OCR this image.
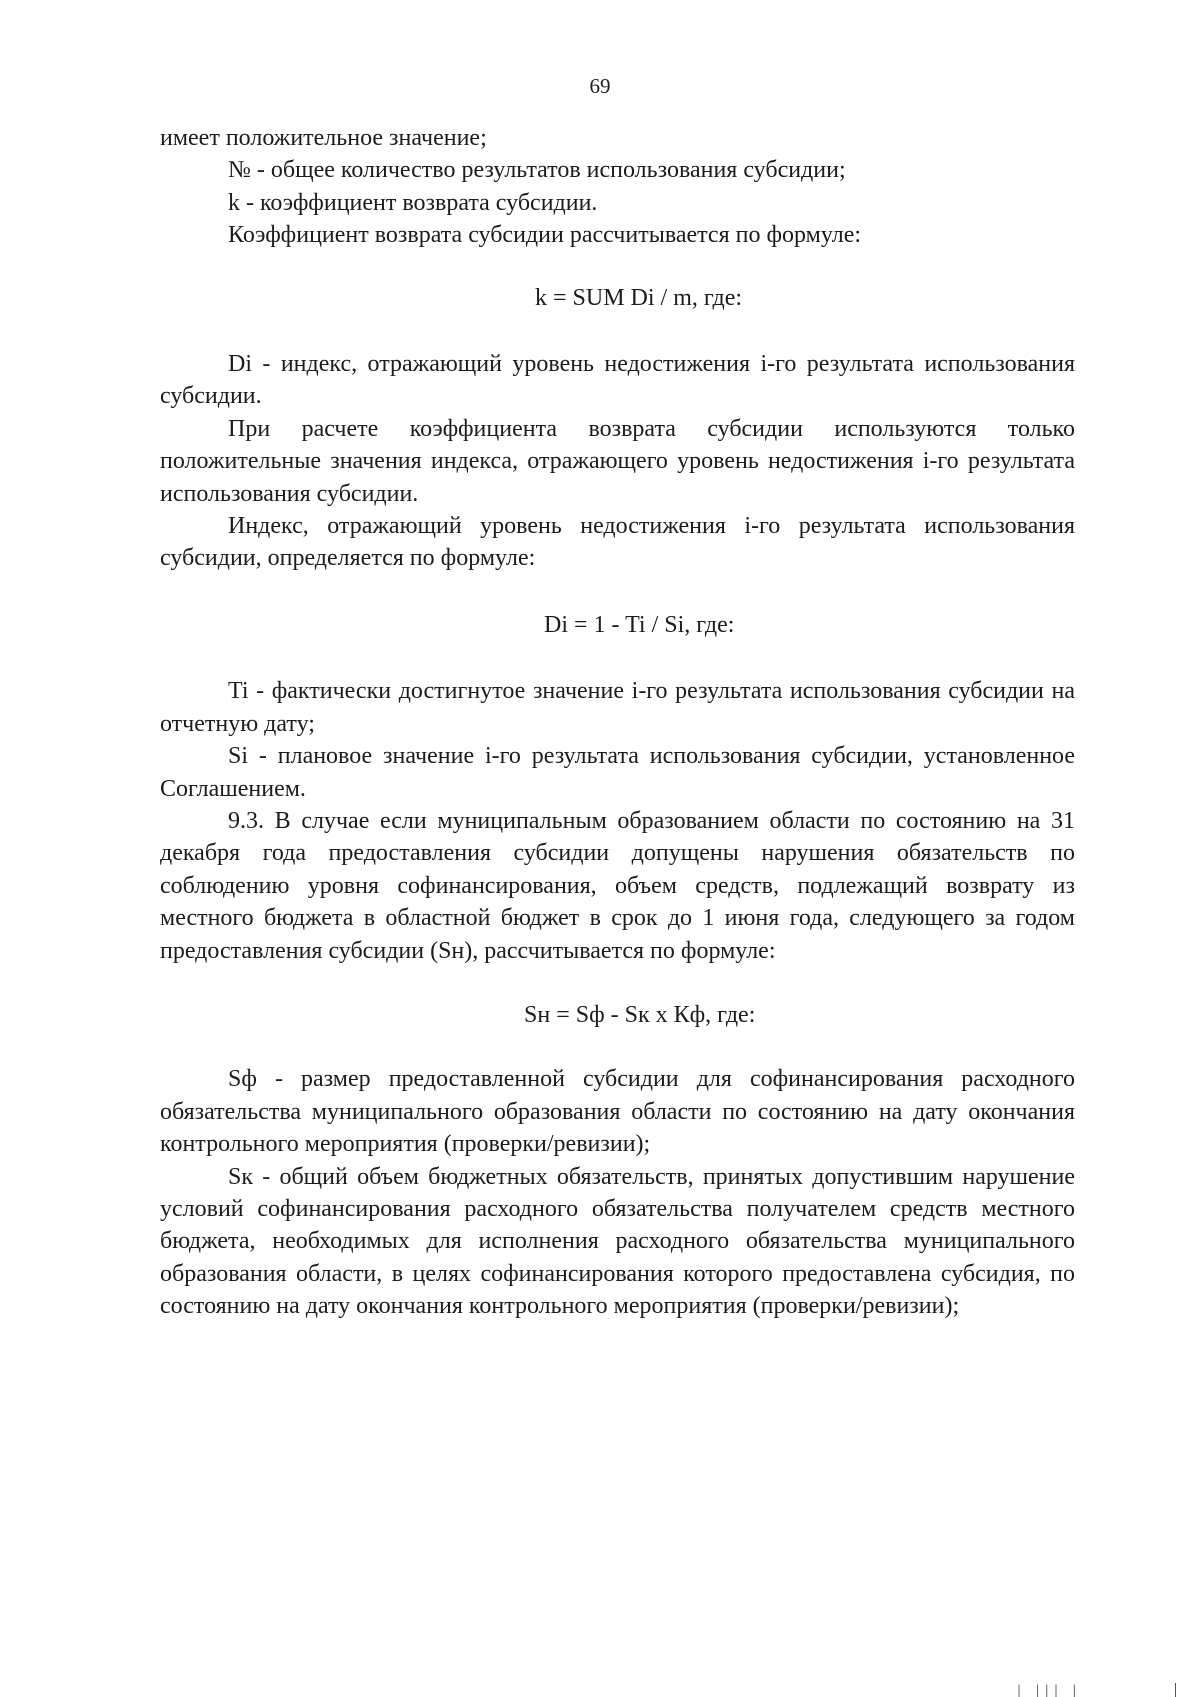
69

имеет положительное значение;

№ - общее количество результатов использования субсидии;

k - коэффициент возврата субсидии.

Коэффициент возврата субсидии рассчитывается по формуле:

k = SUM Di / m, где:

Di - индекс, отражающий уровень недостижения i-го результата использования субсидии.

При расчете коэффициента возврата субсидии используются только положительные значения индекса, отражающего уровень недостижения i-го результата использования субсидии.

Индекс, отражающий уровень недостижения i-го результата использования субсидии, определяется по формуле:

Di = 1 - Ti / Si, где:

Ti - фактически достигнутое значение i-го результата использования субсидии на отчетную дату;

Si - плановое значение i-го результата использования субсидии, установленное Соглашением.

9.3. В случае если муниципальным образованием области по состоянию на 31 декабря года предоставления субсидии допущены нарушения обязательств по соблюдению уровня софинансирования, объем средств, подлежащий возврату из местного бюджета в областной бюджет в срок до 1 июня года, следующего за годом предоставления субсидии (Sн), рассчитывается по формуле:

Sн = Sф - Sк х Кф, где:

Sф - размер предоставленной субсидии для софинансирования расходного обязательства муниципального образования области по состоянию на дату окончания контрольного мероприятия (проверки/ревизии);

Sк - общий объем бюджетных обязательств, принятых допустившим нарушение условий софинансирования расходного обязательства получателем средств местного бюджета, необходимых для исполнения расходного обязательства муниципального образования области, в целях софинансирования которого предоставлена субсидия, по состоянию на дату окончания контрольного мероприятия (проверки/ревизии);

| ||| |
